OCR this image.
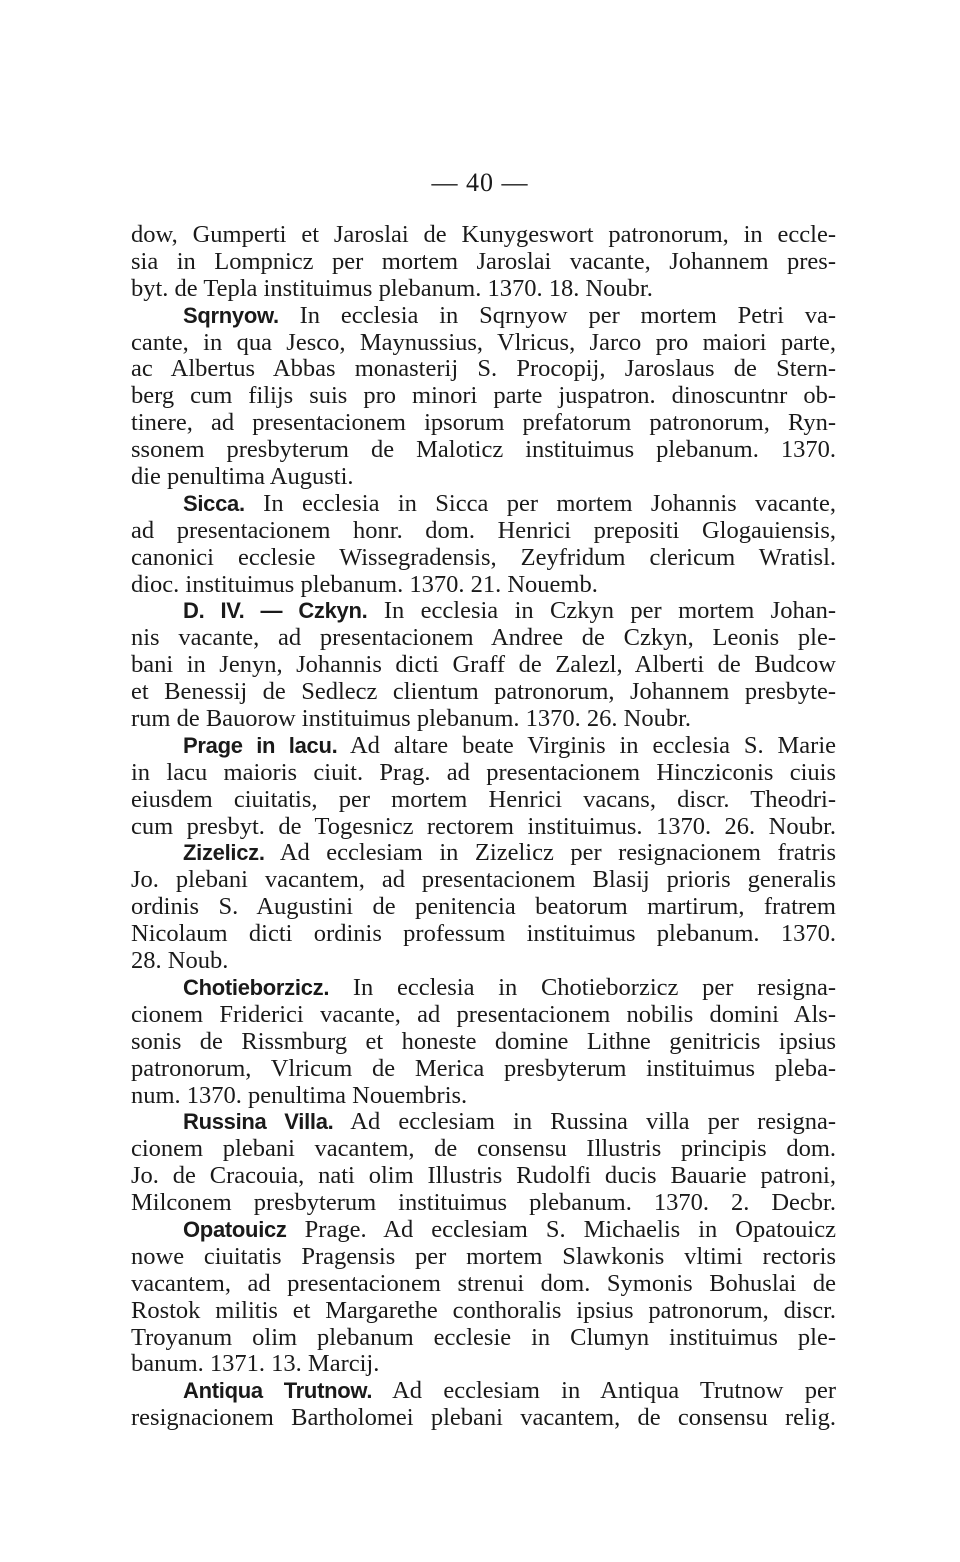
— 40 —
dow, Gumperti et Jaroslai de Kunygeswort patronorum, in eccle-
sia in Lompnicz per mortem Jaroslai vacante, Johannem pres-
byt. de Tepla instituimus plebanum. 1370. 18. Noubr.
Sqrnyow. In ecclesia in Sqrnyow per mortem Petri va-
cante, in qua Jesco, Maynussius, Vlricus, Jarco pro maiori parte,
ac Albertus Abbas monasterij S. Procopij, Jaroslaus de Stern-
berg cum filijs suis pro minori parte juspatron. dinoscuntnr ob-
tinere, ad presentacionem ipsorum prefatorum patronorum, Ryn-
ssonem presbyterum de Maloticz instituimus plebanum. 1370.
die penultima Augusti.
Sicca. In ecclesia in Sicca per mortem Johannis vacante,
ad presentacionem honr. dom. Henrici prepositi Glogauiensis,
canonici ecclesie Wissegradensis, Zeyfridum clericum Wratisl.
dioc. instituimus plebanum. 1370. 21. Nouemb.
D. IV. — Czkyn. In ecclesia in Czkyn per mortem Johan-
nis vacante, ad presentacionem Andree de Czkyn, Leonis ple-
bani in Jenyn, Johannis dicti Graff de Zalezl, Alberti de Budcow
et Benessij de Sedlecz clientum patronorum, Johannem presbyte-
rum de Bauorow instituimus plebanum. 1370. 26. Noubr.
Prage in lacu. Ad altare beate Virginis in ecclesia S. Marie
in lacu maioris ciuit. Prag. ad presentacionem Hincziconis ciuis
eiusdem ciuitatis, per mortem Henrici vacans, discr. Theodri-
cum presbyt. de Togesnicz rectorem instituimus. 1370. 26. Noubr.
Zizelicz. Ad ecclesiam in Zizelicz per resignacionem fratris
Jo. plebani vacantem, ad presentacionem Blasij prioris generalis
ordinis S. Augustini de penitencia beatorum martirum, fratrem
Nicolaum dicti ordinis professum instituimus plebanum. 1370.
28. Noub.
Chotieborzicz. In ecclesia in Chotieborzicz per resigna-
cionem Friderici vacante, ad presentacionem nobilis domini Als-
sonis de Rissmburg et honeste domine Lithne genitricis ipsius
patronorum, Vlricum de Merica presbyterum instituimus pleba-
num. 1370. penultima Nouembris.
Russina Villa. Ad ecclesiam in Russina villa per resigna-
cionem plebani vacantem, de consensu Illustris principis dom.
Jo. de Cracouia, nati olim Illustris Rudolfi ducis Bauarie patroni,
Milconem presbyterum instituimus plebanum. 1370. 2. Decbr.
Opatouicz Prage. Ad ecclesiam S. Michaelis in Opatouicz
nowe ciuitatis Pragensis per mortem Slawkonis vltimi rectoris
vacantem, ad presentacionem strenui dom. Symonis Bohuslai de
Rostok militis et Margarethe conthoralis ipsius patronorum, discr.
Troyanum olim plebanum ecclesie in Clumyn instituimus ple-
banum. 1371. 13. Marcij.
Antiqua Trutnow. Ad ecclesiam in Antiqua Trutnow per
resignacionem Bartholomei plebani vacantem, de consensu relig.
